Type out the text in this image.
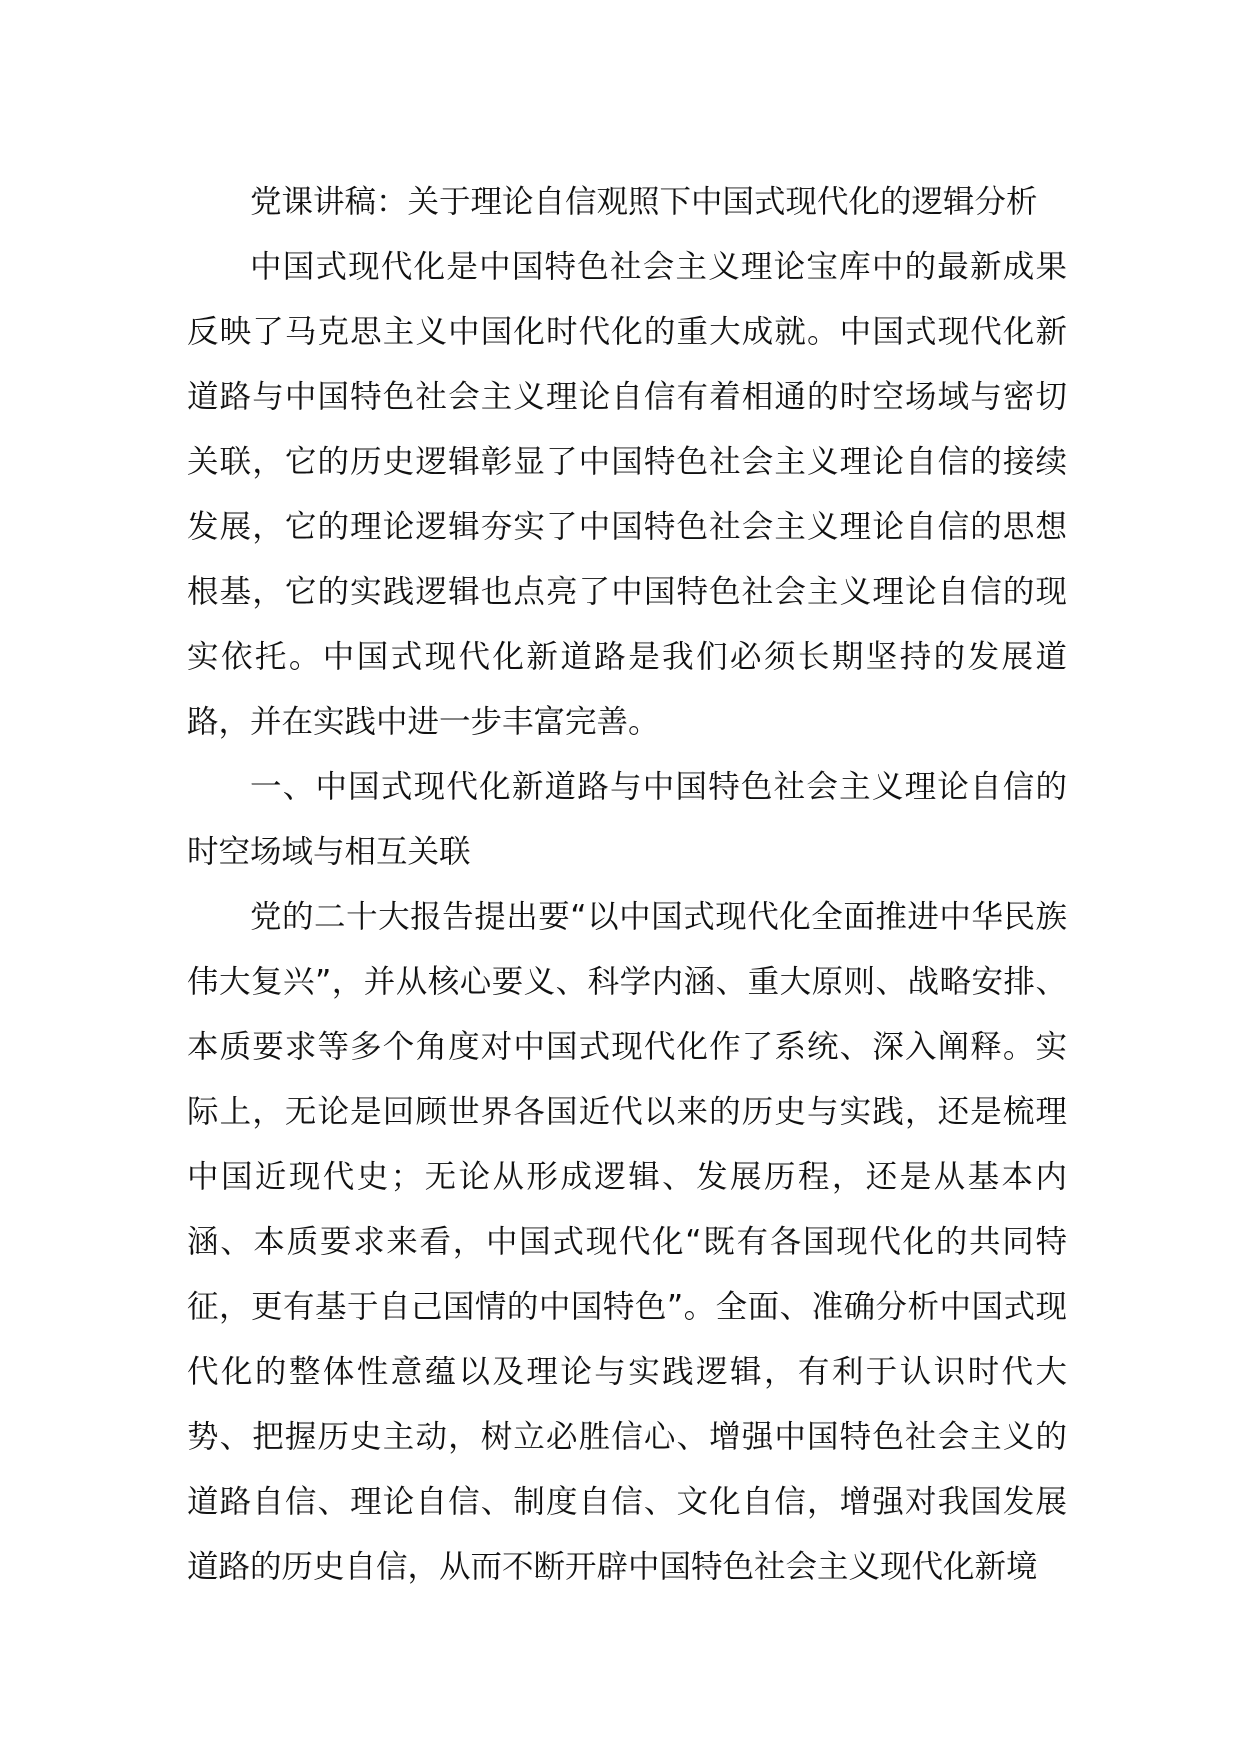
党课讲稿：关于理论自信观照下中国式现代化的逻辑分析

中国式现代化是中国特色社会主义理论宝库中的最新成果反映了马克思主义中国化时代化的重大成就。中国式现代化新道路与中国特色社会主义理论自信有着相通的时空场域与密切关联，它的历史逻辑彰显了中国特色社会主义理论自信的接续发展，它的理论逻辑夯实了中国特色社会主义理论自信的思想根基，它的实践逻辑也点亮了中国特色社会主义理论自信的现实依托。中国式现代化新道路是我们必须长期坚持的发展道路，并在实践中进一步丰富完善。

一、中国式现代化新道路与中国特色社会主义理论自信的时空场域与相互关联

党的二十大报告提出要“以中国式现代化全面推进中华民族伟大复兴”，并从核心要义、科学内涵、重大原则、战略安排、本质要求等多个角度对中国式现代化作了系统、深入阐释。实际上，无论是回顾世界各国近代以来的历史与实践，还是梳理中国近现代史；无论从形成逻辑、发展历程，还是从基本内涵、本质要求来看，中国式现代化“既有各国现代化的共同特征，更有基于自己国情的中国特色”。全面、准确分析中国式现代化的整体性意蕴以及理论与实践逻辑，有利于认识时代大势、把握历史主动，树立必胜信心、增强中国特色社会主义的道路自信、理论自信、制度自信、文化自信，增强对我国发展道路的历史自信，从而不断开辟中国特色社会主义现代化新境
